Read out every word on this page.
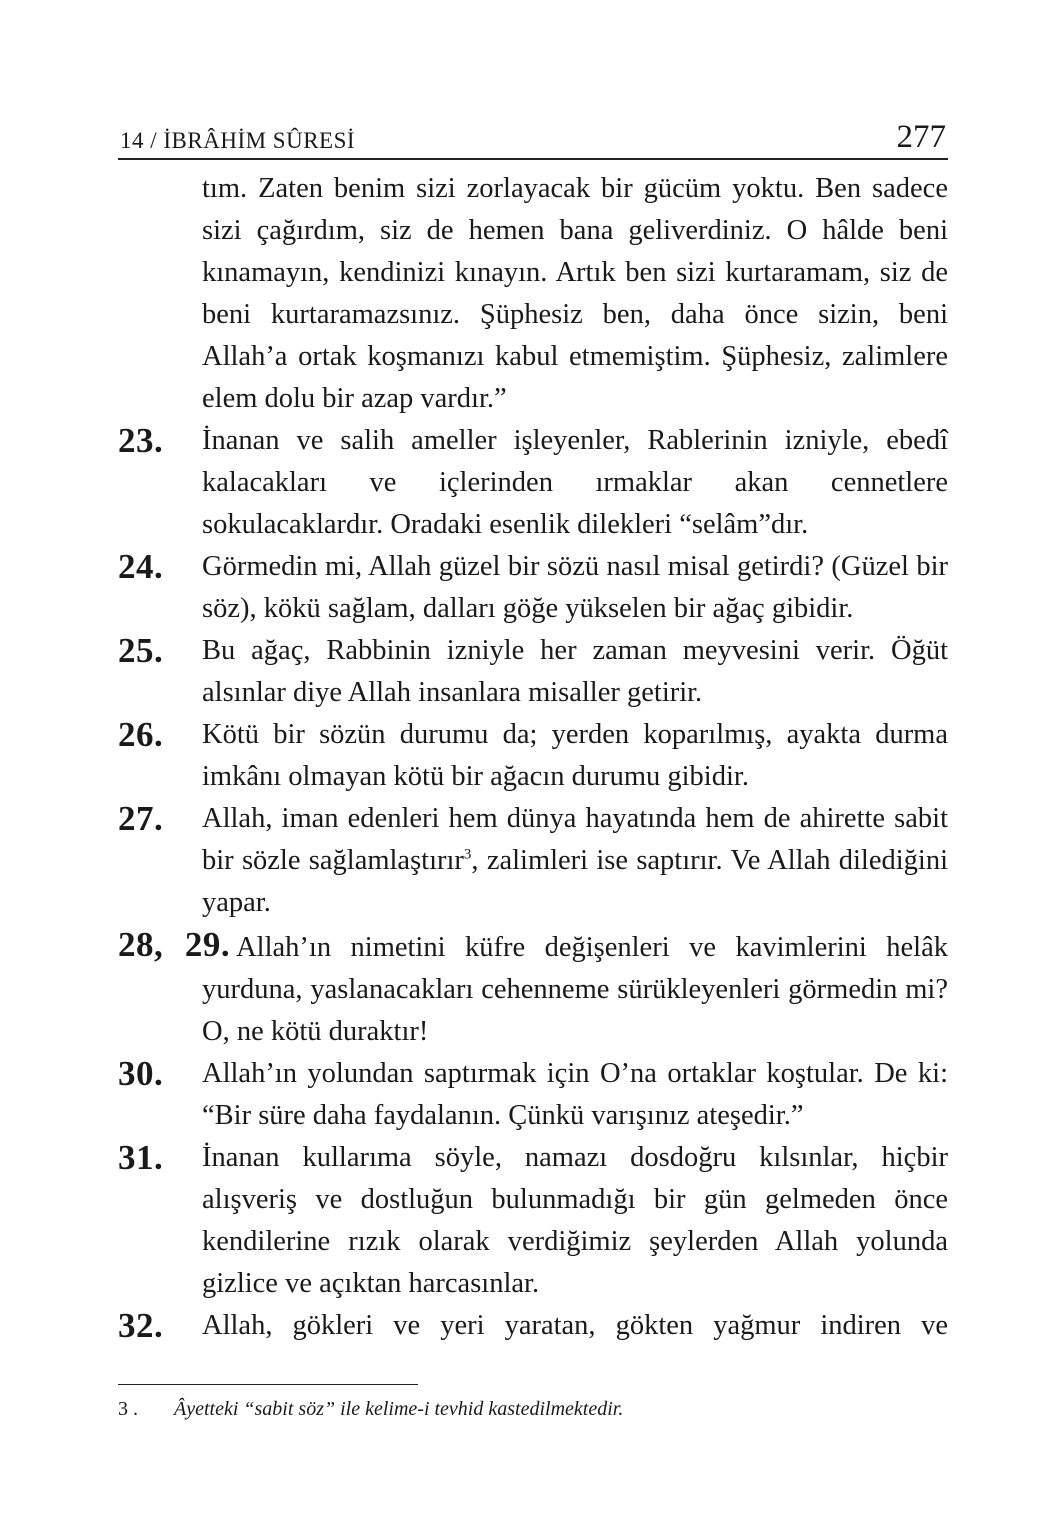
14 / İBRÂHİM SÛRESİ	277
tım. Zaten benim sizi zorlayacak bir gücüm yoktu. Ben sadece sizi çağırdım, siz de hemen bana geliverdiniz. O hâlde beni kınamayın, kendinizi kınayın. Artık ben sizi kurtaramam, siz de beni kurtaramazsınız. Şüphesiz ben, daha önce sizin, beni Allah’a ortak koşmanızı kabul etmemiştim. Şüphesiz, zalimlere elem dolu bir azap vardır.”
23.	İnanan ve salih ameller işleyenler, Rablerinin izniyle, ebedî kalacakları ve içlerinden ırmaklar akan cennetlere sokulacaklardır. Oradaki esenlik dilekleri “selâm”dır.
24.	Görmedin mi, Allah güzel bir sözü nasıl misal getirdi? (Güzel bir söz), kökü sağlam, dalları göğe yükselen bir ağaç gibidir.
25.	Bu ağaç, Rabbinin izniyle her zaman meyvesini verir. Öğüt alsınlar diye Allah insanlara misaller getirir.
26.	Kötü bir sözün durumu da; yerden koparılmış, ayakta durma imkânı olmayan kötü bir ağacın durumu gibidir.
27.	Allah, iman edenleri hem dünya hayatında hem de ahirette sabit bir sözle sağlamlaştırır$^3$, zalimleri ise saptırır. Ve Allah dilediğini yapar.
28, 29. Allah’ın nimetini küfre değişenleri ve kavimlerini helâk yurduna, yaslanacakları cehenneme sürükleyenleri görmedin mi? O, ne kötü duraktır!
30.	Allah’ın yolundan saptırmak için O’na ortaklar koştular. De ki: “Bir süre daha faydalanın. Çünkü varışınız ateşedir.”
31.	İnanan kullarıma söyle, namazı dosdoğru kılsınlar, hiçbir alışveriş ve dostluğun bulunmadığı bir gün gelmeden önce kendilerine rızık olarak verdiğimiz şeylerden Allah yolunda gizlice ve açıktan harcasınlar.
32.	Allah, gökleri ve yeri yaratan, gökten yağmur indiren ve
3 . Âyetteki “sabit söz” ile kelime-i tevhid kastedilmektedir.
